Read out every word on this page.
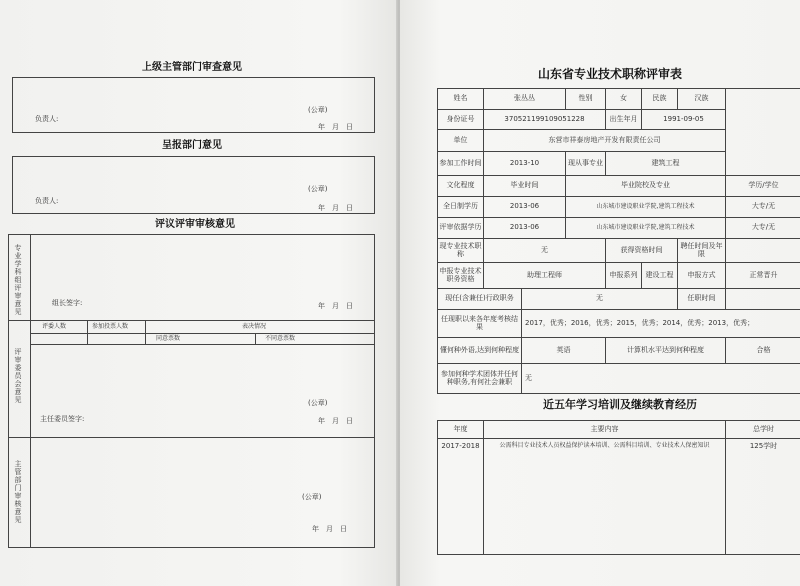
上级主管部门审查意见
(公章)
负责人:
年　月　日
呈报部门意见
(公章)
负责人:
年　月　日
评议评审审核意见
专业学科组评审意见	组长签字:	年　月　日
评审委员会意见
评委人数	参加投票人数	表决情况
同意票数	不同意票数
(公章)
主任委员签字:	年　月　日
主管部门审核意见	(公章)
年　月　日
山东省专业技术职称评审表
姓名	张丛丛		性别	女	民族	汉族	
身份证号	370521199109051228			出生年月	1991-09-05		
单位	东营市祥泰房地产开发有限责任公司						
参加工作时间	2013-10		现从事专业	建筑工程			
文化程度	毕业时间		毕业院校及专业				学历/学位
全日制学历	2013-06		山东城市建设职业学院,建筑工程技术				大专/无
评审依据学历	2013-06		山东城市建设职业学院,建筑工程技术				大专/无
现专业技术职称	无			获得资格时间		聘任时间及年限	
申报专业技术职务资格	助理工程师			申报系列	建设工程	申报方式	正常晋升
现任(含兼任)行政职务		无				任职时间	
任现职以来各年度考核结果		2017，优秀；2016，优秀；2015，优秀；2014，优秀；2013，优秀；					
懂何种外语,达到何种程度		英语		计算机水平达到何种程度			合格
参加何种学术团体并任何种职务,有何社会兼职		无					
近五年学习培训及继续教育经历
年度	主要内容	总学时
2017-2018	公需科目专业技术人员权益保护读本培训、公需科目培训、专业技术人保密知识	125学时
